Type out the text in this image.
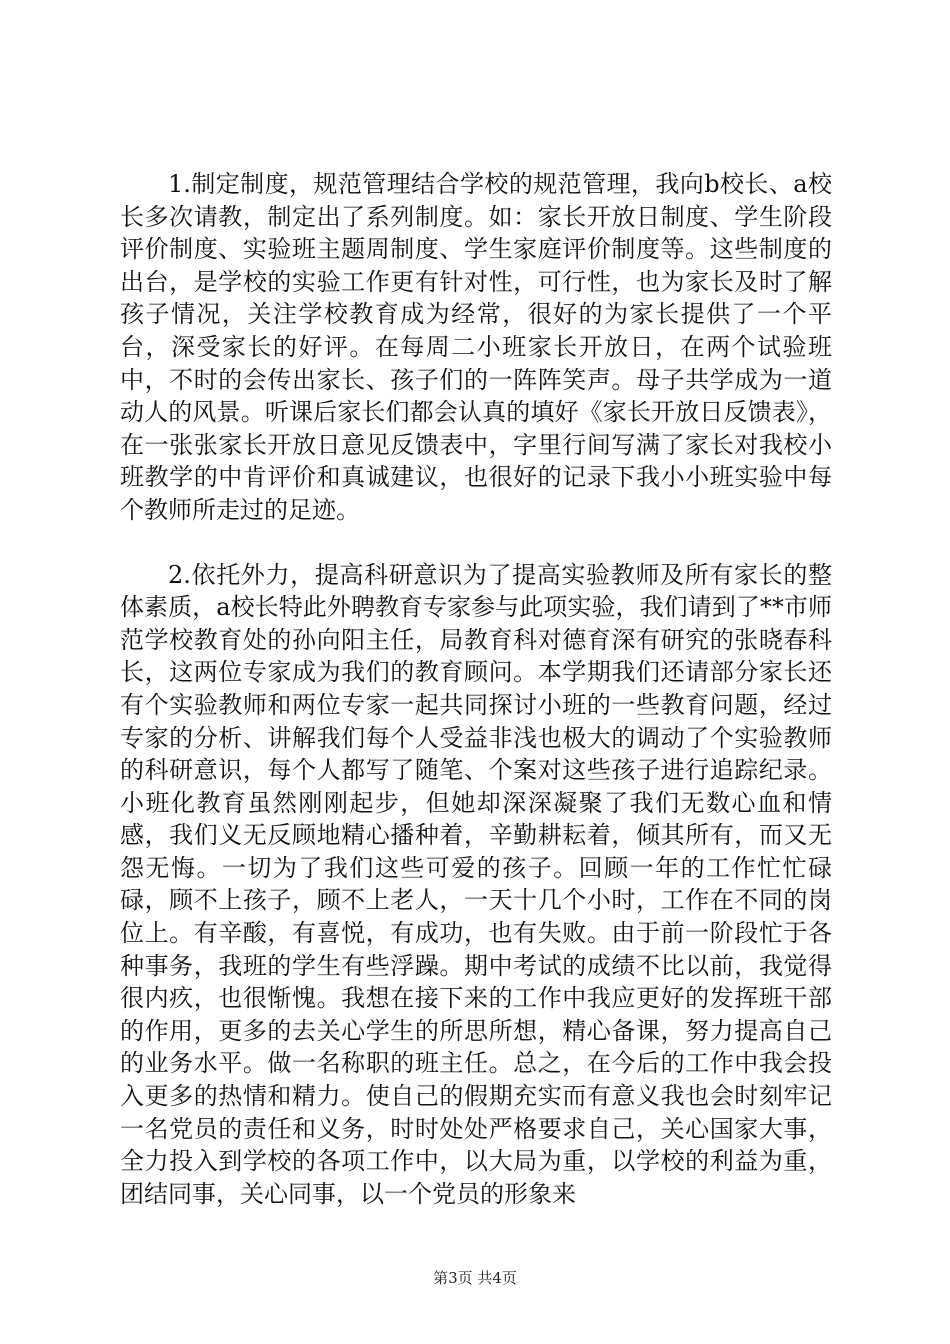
1.制定制度，规范管理结合学校的规范管理，我向b校长、a校长多次请教，制定出了系列制度。如：家长开放日制度、学生阶段评价制度、实验班主题周制度、学生家庭评价制度等。这些制度的出台，是学校的实验工作更有针对性，可行性，也为家长及时了解孩子情况，关注学校教育成为经常，很好的为家长提供了一个平台，深受家长的好评。在每周二小班家长开放日，在两个试验班中，不时的会传出家长、孩子们的一阵阵笑声。母子共学成为一道动人的风景。听课后家长们都会认真的填好《家长开放日反馈表》，在一张张家长开放日意见反馈表中，字里行间写满了家长对我校小班教学的中肯评价和真诚建议，也很好的记录下我小小班实验中每个教师所走过的足迹。

2.依托外力，提高科研意识为了提高实验教师及所有家长的整体素质，a校长特此外聘教育专家参与此项实验，我们请到了**市师范学校教育处的孙向阳主任，局教育科对德育深有研究的张晓春科长，这两位专家成为我们的教育顾问。本学期我们还请部分家长还有个实验教师和两位专家一起共同探讨小班的一些教育问题，经过专家的分析、讲解我们每个人受益非浅也极大的调动了个实验教师的科研意识，每个人都写了随笔、个案对这些孩子进行追踪纪录。小班化教育虽然刚刚起步，但她却深深凝聚了我们无数心血和情感，我们义无反顾地精心播种着，辛勤耕耘着，倾其所有，而又无怨无悔。一切为了我们这些可爱的孩子。回顾一年的工作忙忙碌碌，顾不上孩子，顾不上老人，一天十几个小时，工作在不同的岗位上。有辛酸，有喜悦，有成功，也有失败。由于前一阶段忙于各种事务，我班的学生有些浮躁。期中考试的成绩不比以前，我觉得很内疚，也很惭愧。我想在接下来的工作中我应更好的发挥班干部的作用，更多的去关心学生的所思所想，精心备课，努力提高自己的业务水平。做一名称职的班主任。总之，在今后的工作中我会投入更多的热情和精力。使自己的假期充实而有意义我也会时刻牢记一名党员的责任和义务，时时处处严格要求自己，关心国家大事，全力投入到学校的各项工作中，以大局为重，以学校的利益为重，团结同事，关心同事，以一个党员的形象来

第3页 共4页
